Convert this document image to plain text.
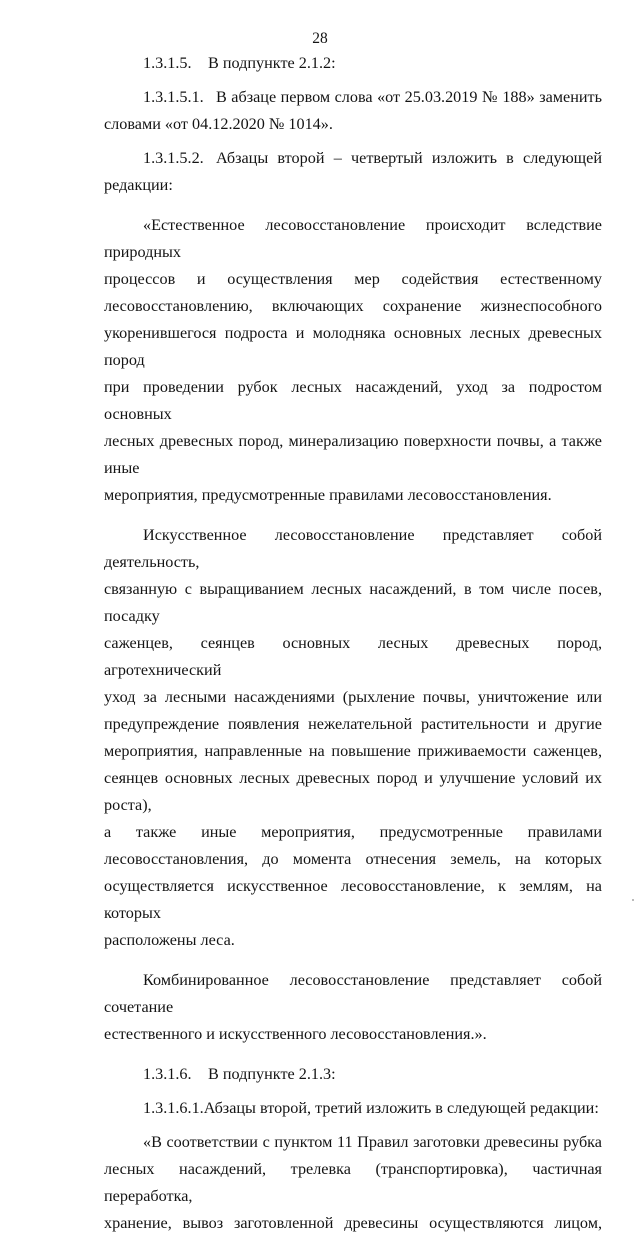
28

1.3.1.5.	В подпункте 2.1.2:

1.3.1.5.1. В абзаце первом слова «от 25.03.2019 № 188» заменить

словами «от 04.12.2020 № 1014».

1.3.1.5.2. Абзацы второй – четвертый изложить в следующей

редакции:

«Естественное лесовосстановление происходит вследствие природных

процессов и осуществления мер содействия естественному

лесовосстановлению, включающих сохранение жизнеспособного

укоренившегося подроста и молодняка основных лесных древесных пород

при проведении рубок лесных насаждений, уход за подростом основных

лесных древесных пород, минерализацию поверхности почвы, а также иные

мероприятия, предусмотренные правилами лесовосстановления.

Искусственное лесовосстановление представляет собой деятельность,

связанную с выращиванием лесных насаждений, в том числе посев, посадку

саженцев, сеянцев основных лесных древесных пород, агротехнический

уход за лесными насаждениями (рыхление почвы, уничтожение или

предупреждение появления нежелательной растительности и другие

мероприятия, направленные на повышение приживаемости саженцев,

сеянцев основных лесных древесных пород и улучшение условий их роста),

а также иные мероприятия, предусмотренные правилами

лесовосстановления, до момента отнесения земель, на которых

осуществляется искусственное лесовосстановление, к землям, на которых

расположены леса.

Комбинированное лесовосстановление представляет собой сочетание

естественного и искусственного лесовосстановления.».

1.3.1.6.	В подпункте 2.1.3:

1.3.1.6.1. Абзацы второй, третий изложить в следующей редакции:

«В соответствии с пунктом 11 Правил заготовки древесины рубка

лесных насаждений, трелевка (транспортировка), частичная переработка,

хранение, вывоз заготовленной древесины осуществляются лицом,
